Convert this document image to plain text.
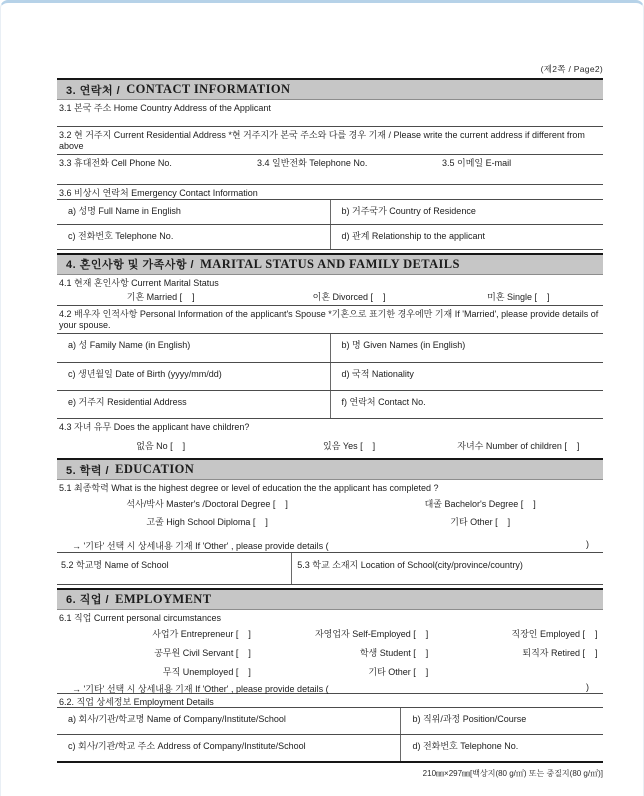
(제2쪽 / Page2)
3. 연락처 / CONTACT INFORMATION
3.1 본국 주소 Home Country Address of the Applicant
3.2 현 거주지 Current Residential Address *현 거주지가 본국 주소와 다를 경우 기재 / Please write the current address if different from above
3.3 휴대전화 Cell Phone No.	3.4 일반전화 Telephone No.	3.5 이메일 E-mail
3.6 비상시 연락처 Emergency Contact Information
a) 성명 Full Name in English	b) 거주국가 Country of Residence
c) 전화번호 Telephone No.	d) 관계 Relationship to the applicant
4. 혼인사항 및 가족사항 / MARITAL STATUS AND FAMILY DETAILS
4.1 현재 혼인사항 Current Marital Status
기혼 Married [    ]	이혼 Divorced [    ]	미혼 Single [    ]
4.2 배우자 인적사항 Personal Information of the applicant's Spouse *기혼으로 표기한 경우에만 기재 If 'Married', please provide details of your spouse.
a) 성 Family Name (in English)	b) 명 Given Names (in English)
c) 생년월일 Date of Birth (yyyy/mm/dd)	d) 국적 Nationality
e) 거주지 Residential Address	f) 연락처 Contact No.
4.3 자녀 유무 Does the applicant have children?
없음 No [    ]	있음 Yes [    ]	자녀수 Number of children [    ]
5. 학력 / EDUCATION
5.1 최종학력 What is the highest degree or level of education the the applicant has completed ?
석사/박사 Master's /Doctoral Degree [    ]	대졸 Bachelor's Degree [    ]
고졸 High School Diploma [    ]	기타 Other [    ]
→ '기타' 선택 시 상세내용 기재 If 'Other' , please provide details (	)
5.2 학교명 Name of School	5.3 학교 소재지 Location of School(city/province/country)
6. 직업 / EMPLOYMENT
6.1 직업 Current personal circumstances
사업가 Entrepreneur [    ]	자영업자 Self-Employed [    ]	직장인 Employed [    ]
공무원 Civil Servant [    ]	학생 Student [    ]	퇴직자 Retired [    ]
무직 Unemployed [    ]	기타 Other [    ]
→ '기타' 선택 시 상세내용 기재 If 'Other' , please provide details (	)
6.2. 직업 상세정보 Employment Details
a) 회사/기관/학교명 Name of Company/Institute/School	b) 직위/과정 Position/Course
c) 회사/기관/학교 주소 Address of Company/Institute/School	d) 전화번호 Telephone No.
210㎜×297㎜[백상지(80 g/㎡) 또는 중질지(80 g/㎡)]
